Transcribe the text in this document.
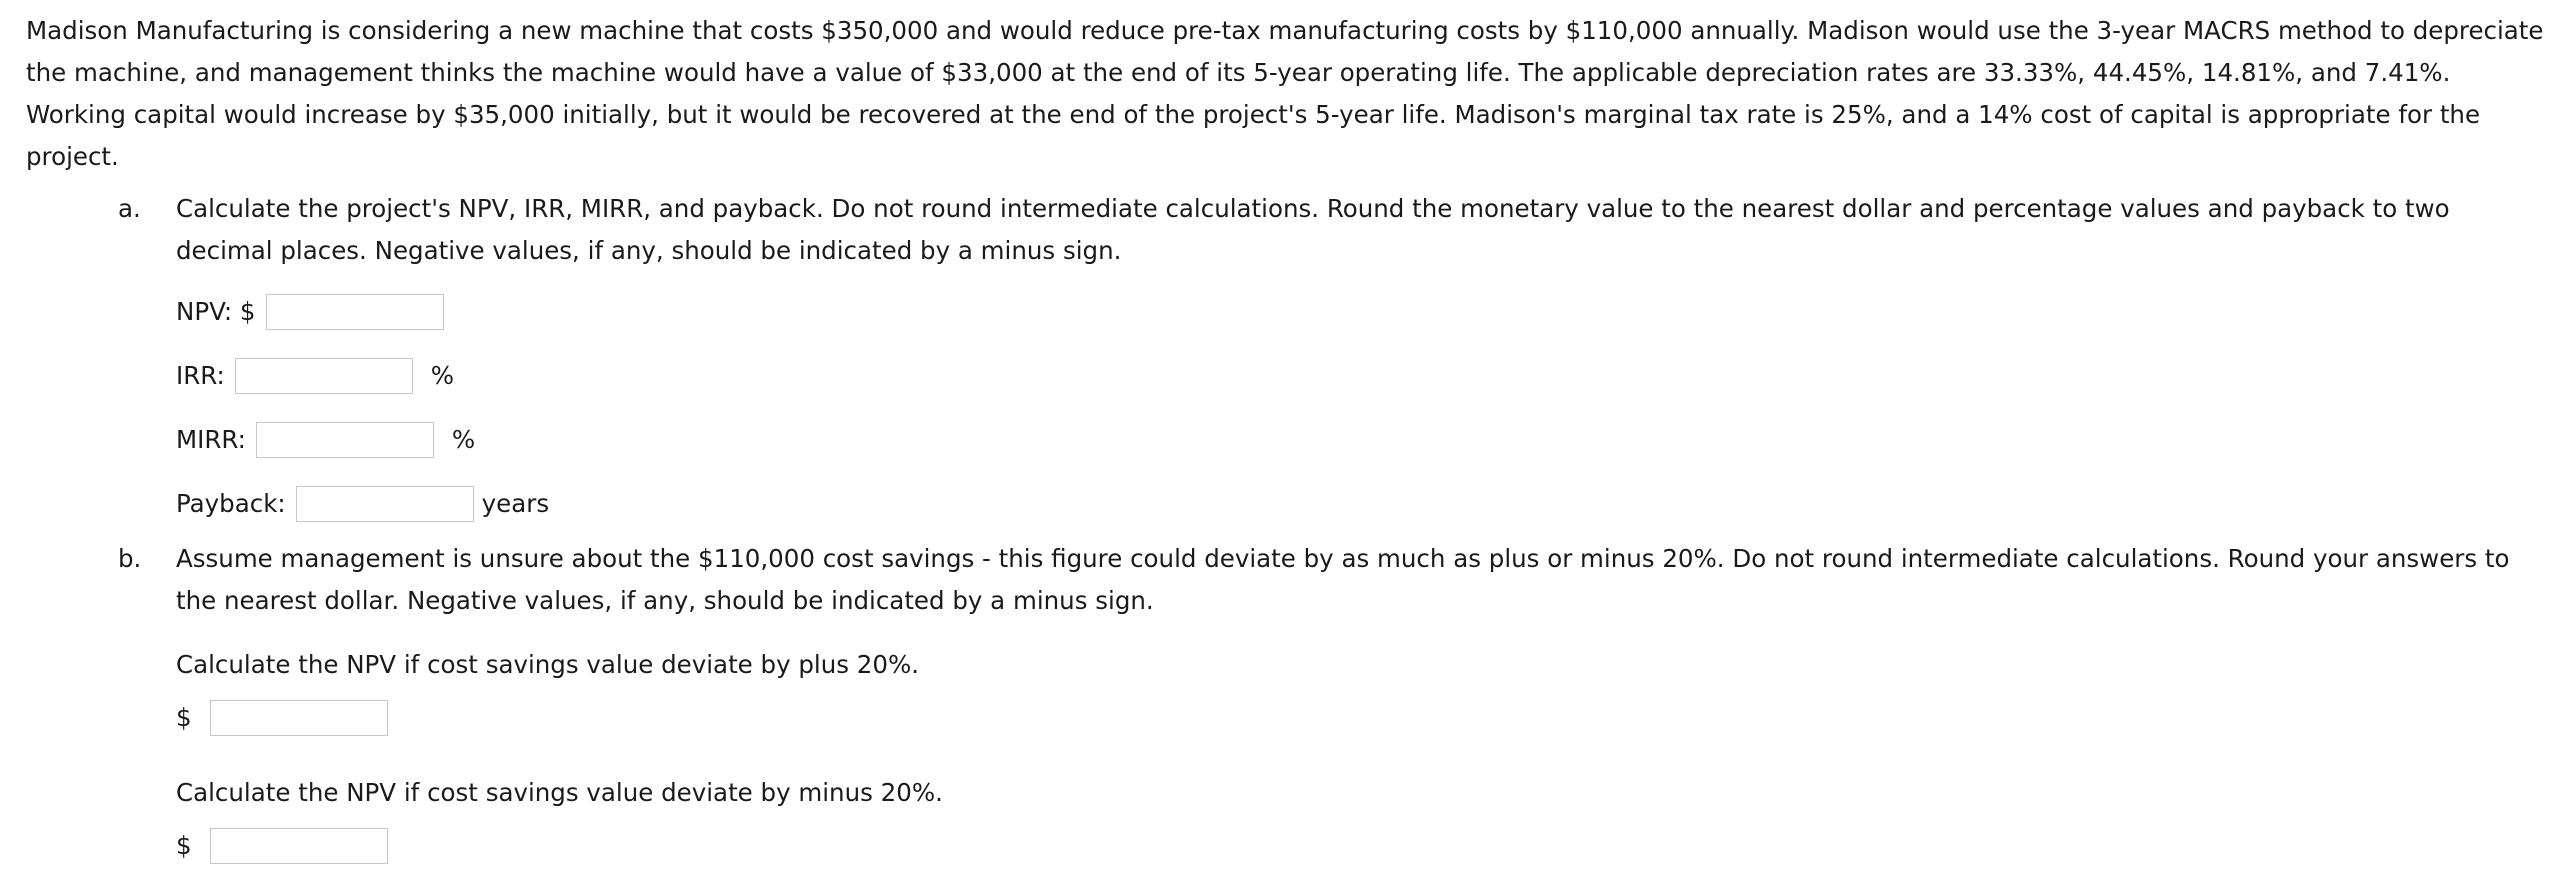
Madison Manufacturing is considering a new machine that costs $350,000 and would reduce pre-tax manufacturing costs by $110,000 annually. Madison would use the 3-year MACRS method to depreciate the machine, and management thinks the machine would have a value of $33,000 at the end of its 5-year operating life. The applicable depreciation rates are 33.33%, 44.45%, 14.81%, and 7.41%. Working capital would increase by $35,000 initially, but it would be recovered at the end of the project's 5-year life. Madison's marginal tax rate is 25%, and a 14% cost of capital is appropriate for the project.

a.	Calculate the project's NPV, IRR, MIRR, and payback. Do not round intermediate calculations. Round the monetary value to the nearest dollar and percentage values and payback to two decimal places. Negative values, if any, should be indicated by a minus sign.

NPV: $
IRR:	%
MIRR:	%
Payback:	years
b.	Assume management is unsure about the $110,000 cost savings - this figure could deviate by as much as plus or minus 20%. Do not round intermediate calculations. Round your answers to the nearest dollar. Negative values, if any, should be indicated by a minus sign.

Calculate the NPV if cost savings value deviate by plus 20%.

$

Calculate the NPV if cost savings value deviate by minus 20%.

$
